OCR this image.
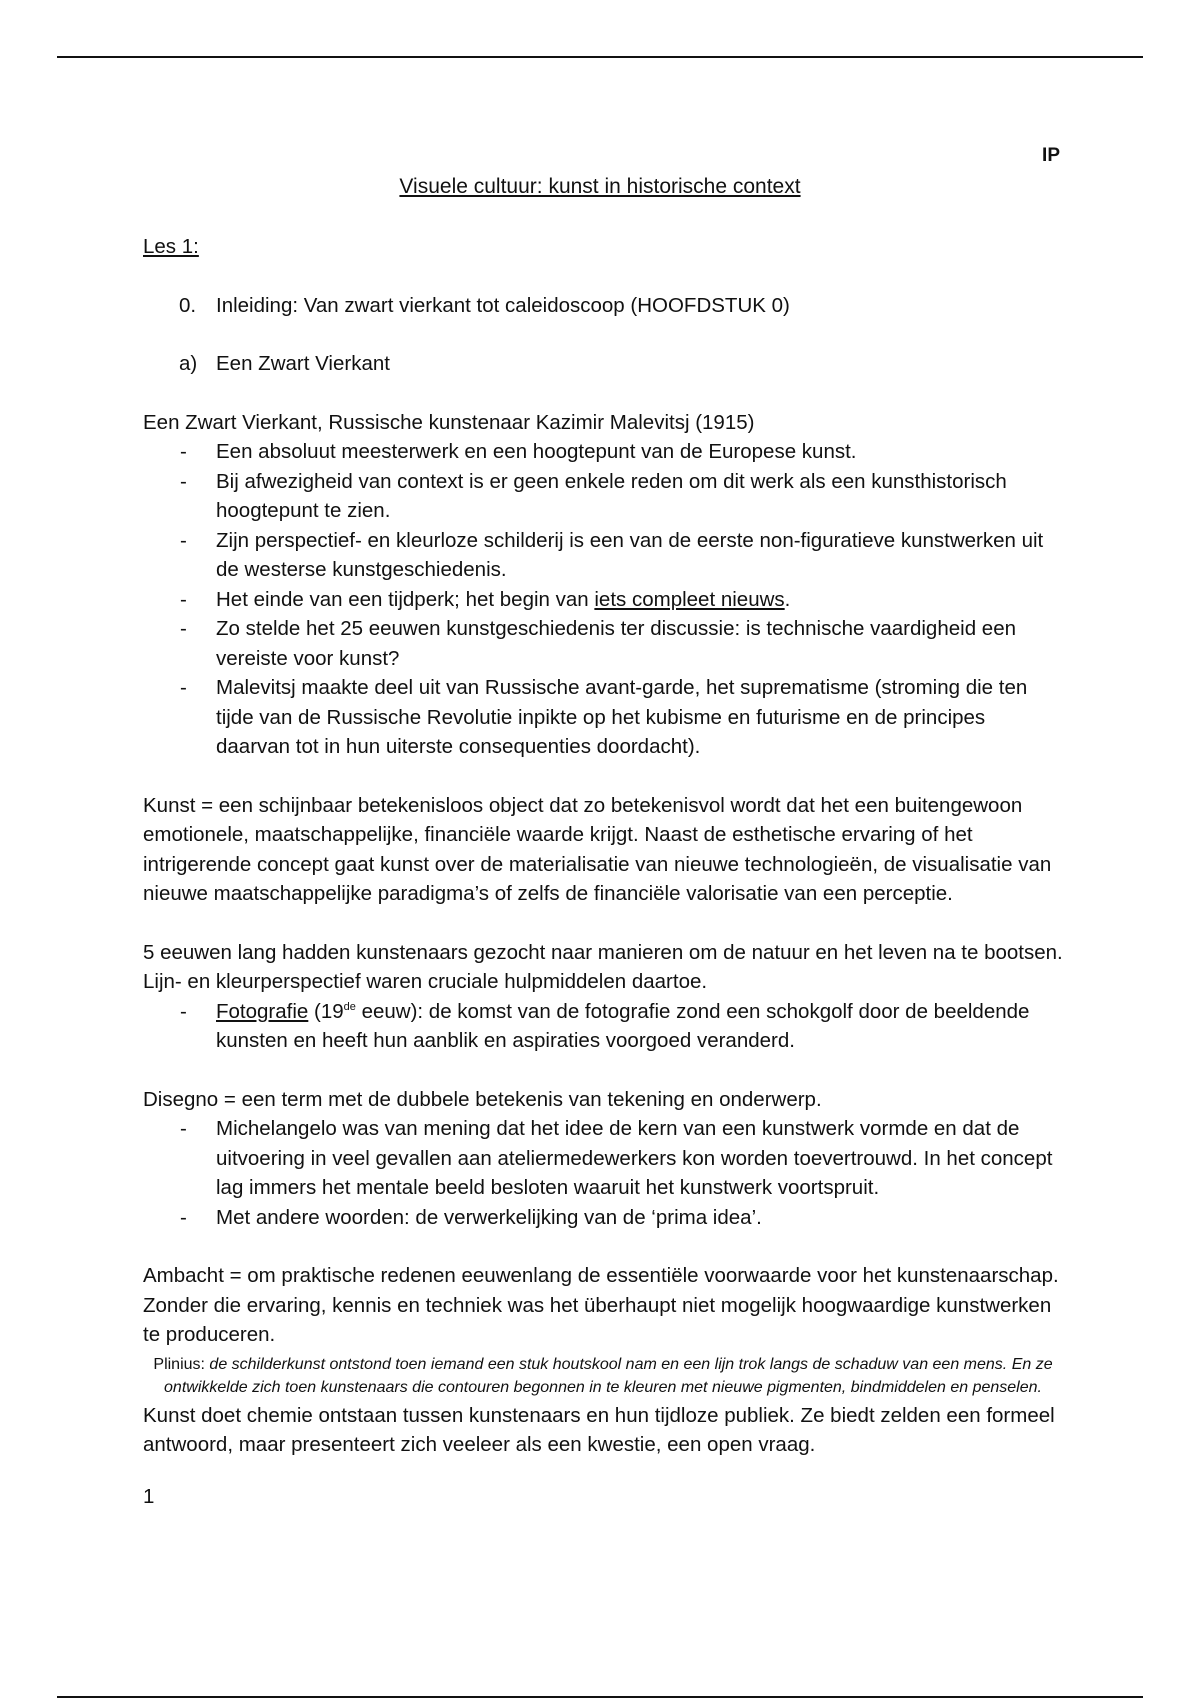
IP
Visuele cultuur: kunst in historische context

Les 1:

0. Inleiding: Van zwart vierkant tot caleidoscoop (HOOFDSTUK 0)
a) Een Zwart Vierkant

Een Zwart Vierkant, Russische kunstenaar Kazimir Malevitsj (1915)

- Een absoluut meesterwerk en een hoogtepunt van de Europese kunst.
- Bij afwezigheid van context is er geen enkele reden om dit werk als een kunsthistorisch hoogtepunt te zien.
- Zijn perspectief- en kleurloze schilderij is een van de eerste non-figuratieve kunstwerken uit de westerse kunstgeschiedenis.
- Het einde van een tijdperk; het begin van iets compleet nieuws.
- Zo stelde het 25 eeuwen kunstgeschiedenis ter discussie: is technische vaardigheid een vereiste voor kunst?
- Malevitsj maakte deel uit van Russische avant-garde, het suprematisme (stroming die ten tijde van de Russische Revolutie inpikte op het kubisme en futurisme en de principes daarvan tot in hun uiterste consequenties doordacht).

Kunst = een schijnbaar betekenisloos object dat zo betekenisvol wordt dat het een buitengewoon emotionele, maatschappelijke, financiële waarde krijgt. Naast de esthetische ervaring of het intrigerende concept gaat kunst over de materialisatie van nieuwe technologieën, de visualisatie van nieuwe maatschappelijke paradigma’s of zelfs de financiële valorisatie van een perceptie.

5 eeuwen lang hadden kunstenaars gezocht naar manieren om de natuur en het leven na te bootsen. Lijn- en kleurperspectief waren cruciale hulpmiddelen daartoe.

- Fotografie (19de eeuw): de komst van de fotografie zond een schokgolf door de beeldende kunsten en heeft hun aanblik en aspiraties voorgoed veranderd.

Disegno = een term met de dubbele betekenis van tekening en onderwerp.

- Michelangelo was van mening dat het idee de kern van een kunstwerk vormde en dat de uitvoering in veel gevallen aan ateliermedewerkers kon worden toevertrouwd. In het concept lag immers het mentale beeld besloten waaruit het kunstwerk voortspruit.
- Met andere woorden: de verwerkelijking van de ‘prima idea’.

Ambacht = om praktische redenen eeuwenlang de essentiële voorwaarde voor het kunstenaarschap. Zonder die ervaring, kennis en techniek was het überhaupt niet mogelijk hoogwaardige kunstwerken te produceren.

Plinius: de schilderkunst ontstond toen iemand een stuk houtskool nam en een lijn trok langs de schaduw van een mens. En ze ontwikkelde zich toen kunstenaars die contouren begonnen in te kleuren met nieuwe pigmenten, bindmiddelen en penselen.

Kunst doet chemie ontstaan tussen kunstenaars en hun tijdloze publiek. Ze biedt zelden een formeel antwoord, maar presenteert zich veeleer als een kwestie, een open vraag.

1
